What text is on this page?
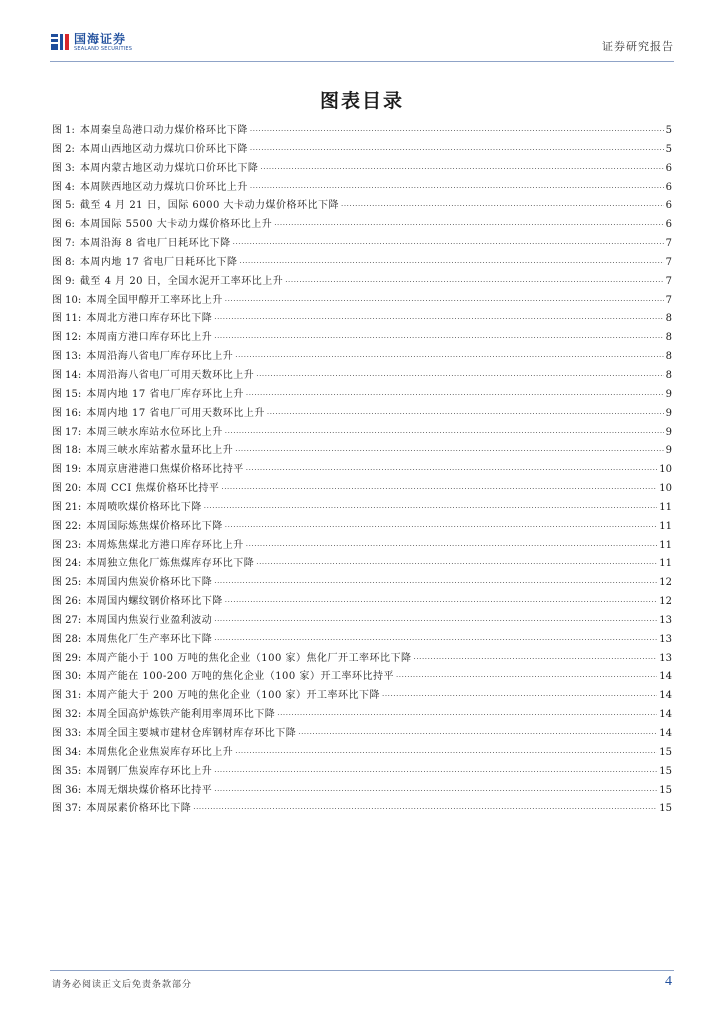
国海证券
SEALAND SECURITIES	证券研究报告
图表目录
图 1: 本周秦皇岛港口动力煤价格环比下降 .....	5
图 2: 本周山西地区动力煤坑口价环比下降 .....	5
图 3: 本周内蒙古地区动力煤坑口价环比下降 .....	6
图 4: 本周陕西地区动力煤坑口价环比上升 .....	6
图 5: 截至 4 月 21 日，国际 6000 大卡动力煤价格环比下降 .....	6
图 6: 本周国际 5500 大卡动力煤价格环比上升 .....	6
图 7: 本周沿海 8 省电厂日耗环比下降 .....	7
图 8: 本周内地 17 省电厂日耗环比下降 .....	7
图 9: 截至 4 月 20 日，全国水泥开工率环比上升 .....	7
图 10: 本周全国甲醇开工率环比上升 .....	7
图 11: 本周北方港口库存环比下降 .....	8
图 12: 本周南方港口库存环比上升 .....	8
图 13: 本周沿海八省电厂库存环比上升 .....	8
图 14: 本周沿海八省电厂可用天数环比上升 .....	8
图 15: 本周内地 17 省电厂库存环比上升 .....	9
图 16: 本周内地 17 省电厂可用天数环比上升 .....	9
图 17: 本周三峡水库站水位环比上升 .....	9
图 18: 本周三峡水库站蓄水量环比上升 .....	9
图 19: 本周京唐港港口焦煤价格环比持平 .....	10
图 20: 本周 CCI 焦煤价格环比持平 .....	10
图 21: 本周喷吹煤价格环比下降 .....	11
图 22: 本周国际炼焦煤价格环比下降 .....	11
图 23: 本周炼焦煤北方港口库存环比上升 .....	11
图 24: 本周独立焦化厂炼焦煤库存环比下降 .....	11
图 25: 本周国内焦炭价格环比下降 .....	12
图 26: 本周国内螺纹钢价格环比下降 .....	12
图 27: 本周国内焦炭行业盈利波动 .....	13
图 28: 本周焦化厂生产率环比下降 .....	13
图 29: 本周产能小于 100 万吨的焦化企业（100 家）焦化厂开工率环比下降 .....	13
图 30: 本周产能在 100-200 万吨的焦化企业（100 家）开工率环比持平 .....	14
图 31: 本周产能大于 200 万吨的焦化企业（100 家）开工率环比下降 .....	14
图 32: 本周全国高炉炼铁产能利用率周环比下降 .....	14
图 33: 本周全国主要城市建材仓库钢材库存环比下降 .....	14
图 34: 本周焦化企业焦炭库存环比上升 .....	15
图 35: 本周钢厂焦炭库存环比上升 .....	15
图 36: 本周无烟块煤价格环比持平 .....	15
图 37: 本周尿素价格环比下降 .....	15
请务必阅读正文后免责条款部分	4
